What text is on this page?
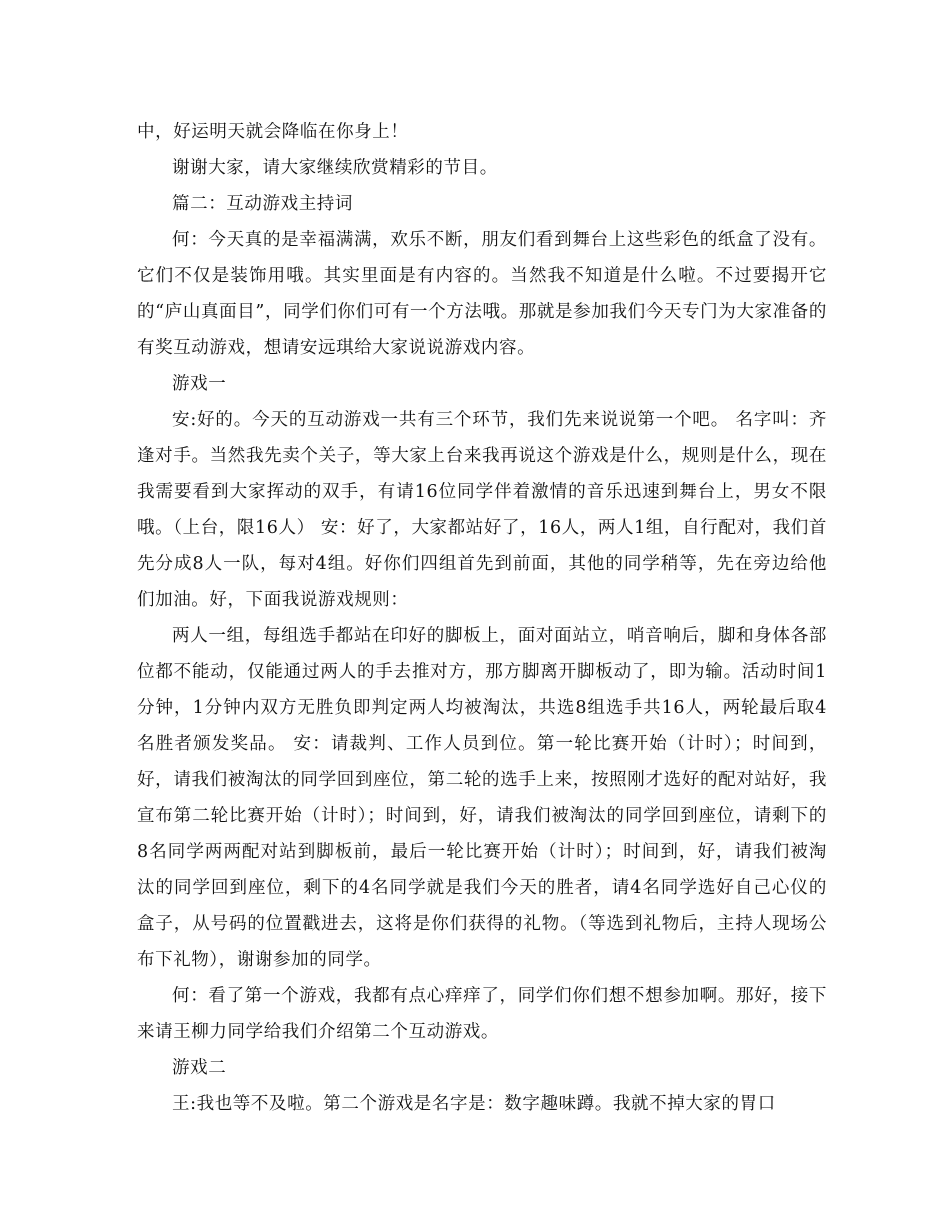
中，好运明天就会降临在你身上！

谢谢大家，请大家继续欣赏精彩的节目。

篇二：互动游戏主持词

何：今天真的是幸福满满，欢乐不断，朋友们看到舞台上这些彩色的纸盒了没有。它们不仅是装饰用哦。其实里面是有内容的。当然我不知道是什么啦。不过要揭开它的“庐山真面目”，同学们你们可有一个方法哦。那就是参加我们今天专门为大家准备的有奖互动游戏，想请安远琪给大家说说游戏内容。

游戏一

安:好的。今天的互动游戏一共有三个环节，我们先来说说第一个吧。 名字叫：齐逢对手。当然我先卖个关子，等大家上台来我再说这个游戏是什么，规则是什么，现在我需要看到大家挥动的双手，有请16位同学伴着激情的音乐迅速到舞台上，男女不限哦。（上台，限16人） 安：好了，大家都站好了，16人，两人1组，自行配对，我们首先分成8人一队，每对4组。好你们四组首先到前面，其他的同学稍等，先在旁边给他们加油。好，下面我说游戏规则：

两人一组，每组选手都站在印好的脚板上，面对面站立，哨音响后，脚和身体各部位都不能动，仅能通过两人的手去推对方，那方脚离开脚板动了，即为输。活动时间1分钟，1分钟内双方无胜负即判定两人均被淘汰，共选8组选手共16人，两轮最后取4名胜者颁发奖品。 安：请裁判、工作人员到位。第一轮比赛开始（计时）；时间到，好，请我们被淘汰的同学回到座位，第二轮的选手上来，按照刚才选好的配对站好，我宣布第二轮比赛开始（计时）；时间到，好，请我们被淘汰的同学回到座位，请剩下的8名同学两两配对站到脚板前，最后一轮比赛开始（计时）；时间到，好，请我们被淘汰的同学回到座位，剩下的4名同学就是我们今天的胜者，请4名同学选好自己心仪的盒子，从号码的位置戳进去，这将是你们获得的礼物。（等选到礼物后，主持人现场公布下礼物），谢谢参加的同学。

何：看了第一个游戏，我都有点心痒痒了，同学们你们想不想参加啊。那好，接下来请王柳力同学给我们介绍第二个互动游戏。

游戏二

王:我也等不及啦。第二个游戏是名字是：数字趣味蹲。我就不掉大家的胃口
